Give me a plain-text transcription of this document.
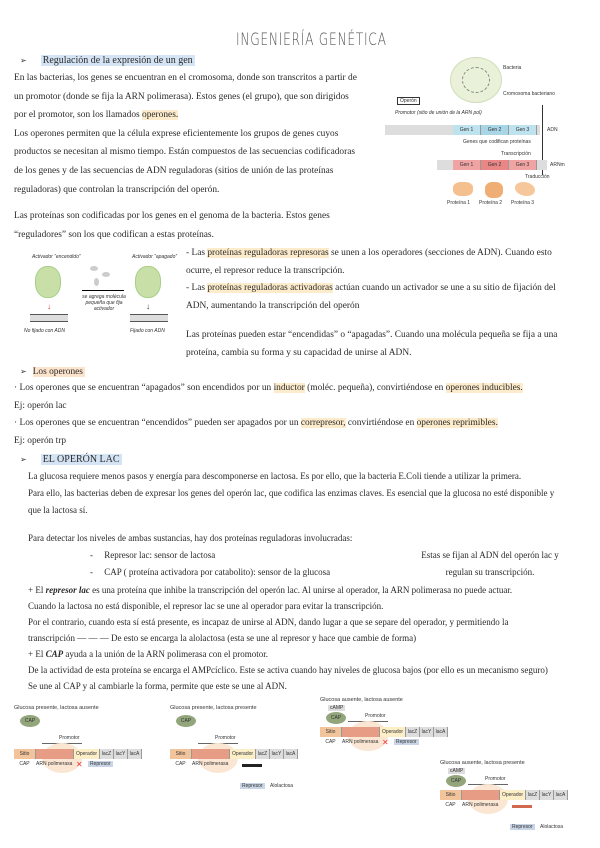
INGENIERÍA GENÉTICA
➢ Regulación de la expresión de un gen
En las bacterias, los genes se encuentran en el cromosoma, donde son transcritos a partir de
un promotor (donde se fija la ARN polimerasa). Estos genes (el grupo), que son dirigidos
por el promotor, son los llamados operones.
Los operones permiten que la célula exprese eficientemente los grupos de genes cuyos
productos se necesitan al mismo tiempo. Están compuestos de las secuencias codificadoras
de los genes y de las secuencias de ADN reguladoras (sitios de unión de las proteínas
reguladoras) que controlan la transcripción del operón.
Bacteria
Cromosoma bacteriano
Operón
Promotor (sitio de unión de la ARN pol)
Gen 1	Gen 2	Gen 3	ADN
Genes que codifican proteínas
Transcripción
Gen 1	Gen 2	Gen 3	ARNm
Traducción
Proteína 1 Proteína 2 Proteína 3
Las proteínas son codificadas por los genes en el genoma de la bacteria. Estos genes
“reguladores” son los que codifican a estas proteínas.
Activador “encendido”
↓
No fijado con ADN
se agrega molécula pequeña que fija activador
Activador “apagado”
↓
Fijado con ADN
- Las proteínas reguladoras represoras se unen a los operadores (secciones de ADN). Cuando esto
ocurre, el represor reduce la transcripción.
- Las proteínas reguladoras activadoras actúan cuando un activador se une a su sitio de fijación del
ADN, aumentando la transcripción del operón
Las proteínas pueden estar “encendidas” o “apagadas”. Cuando una molécula pequeña se fija a una
proteína, cambia su forma y su capacidad de unirse al ADN.
➢ Los operones
· Los operones que se encuentran “apagados” son encendidos por un inductor (moléc. pequeña), convirtiéndose en operones inducibles.
Ej: operón lac
· Los operones que se encuentran “encendidos” pueden ser apagados por un correpresor, convirtiéndose en operones reprimibles.
Ej: operón trp
➢ EL OPERÓN LAC
La glucosa requiere menos pasos y energía para descomponerse en lactosa. Es por ello, que la bacteria E.Coli tiende a utilizar la primera.
Para ello, las bacterias deben de expresar los genes del operón lac, que codifica las enzimas claves. Es esencial que la glucosa no esté disponible y
que la lactosa sí.
Para detectar los niveles de ambas sustancias, hay dos proteínas reguladoras involucradas:
-     Represor lac: sensor de lactosa
-     CAP ( proteína activadora por catabolito): sensor de la glucosa
Estas se fijan al ADN del operón lac y
regulan su transcripción.
+ El represor lac es una proteína que inhibe la transcripción del operón lac. Al unirse al operador, la ARN polimerasa no puede actuar.
Cuando la lactosa no está disponible, el represor lac se une al operador para evitar la transcripción.
Por el contrario, cuando esta sí está presente, es incapaz de unirse al ADN, dando lugar a que se separe del operador, y permitiendo la
transcripción — — — De esto se encarga la alolactosa (esta se une al represor y hace que cambie de forma)
+ El CAP ayuda a la unión de la ARN polimerasa con el promotor.
De la actividad de esta proteína se encarga el AMPcíclico. Este se activa cuando hay niveles de glucosa bajos (por ello es un mecanismo seguro)
Se une al CAP y al cambiarle la forma, permite que este se une al ADN.
Glucosa presente, lactosa ausente
CAP
Promotor
Sitio CAP
Operador lacZ lacY lacA
ARN polimerasa ✕	Represor
Glucosa presente, lactosa presente
CAP
Promotor
Sitio CAP
Operador lacZ lacY lacA
ARN polimerasa
Represor	Alolactosa
Glucosa ausente, lactosa ausente
cAMP
CAP	Promotor
Sitio CAP
Operador lacZ lacY lacA
ARN polimerasa ✕	Represor
Glucosa ausente, lactosa presente
cAMP
CAP	Promotor
Sitio CAP
Operador lacZ lacY lacA
ARN polimerasa
Represor	Alolactosa
